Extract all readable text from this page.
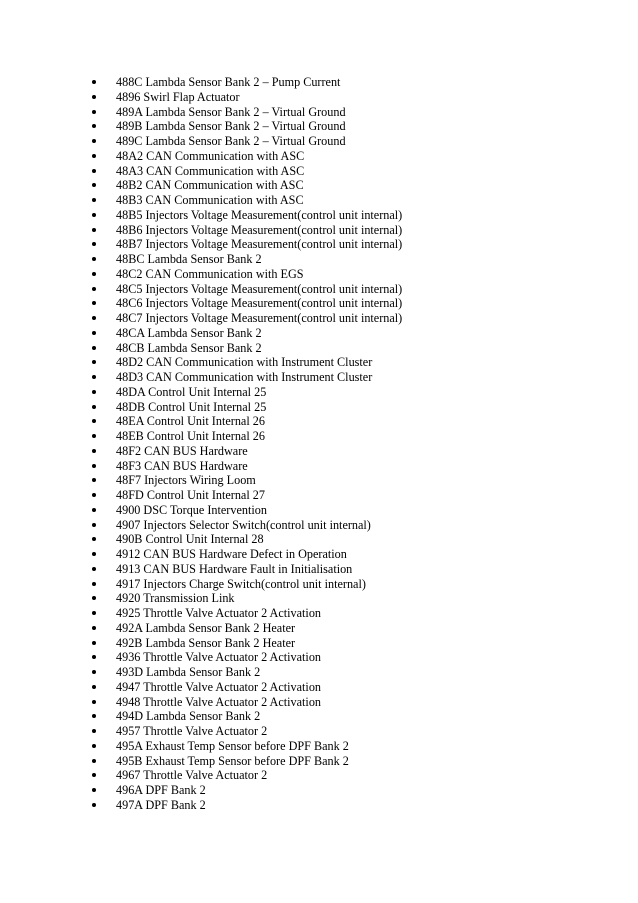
488C Lambda Sensor Bank 2 – Pump Current
4896 Swirl Flap Actuator
489A Lambda Sensor Bank 2 – Virtual Ground
489B Lambda Sensor Bank 2 – Virtual Ground
489C Lambda Sensor Bank 2 – Virtual Ground
48A2 CAN Communication with ASC
48A3 CAN Communication with ASC
48B2 CAN Communication with ASC
48B3 CAN Communication with ASC
48B5 Injectors Voltage Measurement(control unit internal)
48B6 Injectors Voltage Measurement(control unit internal)
48B7 Injectors Voltage Measurement(control unit internal)
48BC Lambda Sensor Bank 2
48C2 CAN Communication with EGS
48C5 Injectors Voltage Measurement(control unit internal)
48C6 Injectors Voltage Measurement(control unit internal)
48C7 Injectors Voltage Measurement(control unit internal)
48CA Lambda Sensor Bank 2
48CB Lambda Sensor Bank 2
48D2 CAN Communication with Instrument Cluster
48D3 CAN Communication with Instrument Cluster
48DA Control Unit Internal 25
48DB Control Unit Internal 25
48EA Control Unit Internal 26
48EB Control Unit Internal 26
48F2 CAN BUS Hardware
48F3 CAN BUS Hardware
48F7 Injectors Wiring Loom
48FD Control Unit Internal 27
4900 DSC Torque Intervention
4907 Injectors Selector Switch(control unit internal)
490B Control Unit Internal 28
4912 CAN BUS Hardware Defect in Operation
4913 CAN BUS Hardware Fault in Initialisation
4917 Injectors Charge Switch(control unit internal)
4920 Transmission Link
4925 Throttle Valve Actuator 2 Activation
492A Lambda Sensor Bank 2 Heater
492B Lambda Sensor Bank 2 Heater
4936 Throttle Valve Actuator 2 Activation
493D Lambda Sensor Bank 2
4947 Throttle Valve Actuator 2 Activation
4948 Throttle Valve Actuator 2 Activation
494D Lambda Sensor Bank 2
4957 Throttle Valve Actuator 2
495A Exhaust Temp Sensor before DPF Bank 2
495B Exhaust Temp Sensor before DPF Bank 2
4967 Throttle Valve Actuator 2
496A DPF Bank 2
497A DPF Bank 2
